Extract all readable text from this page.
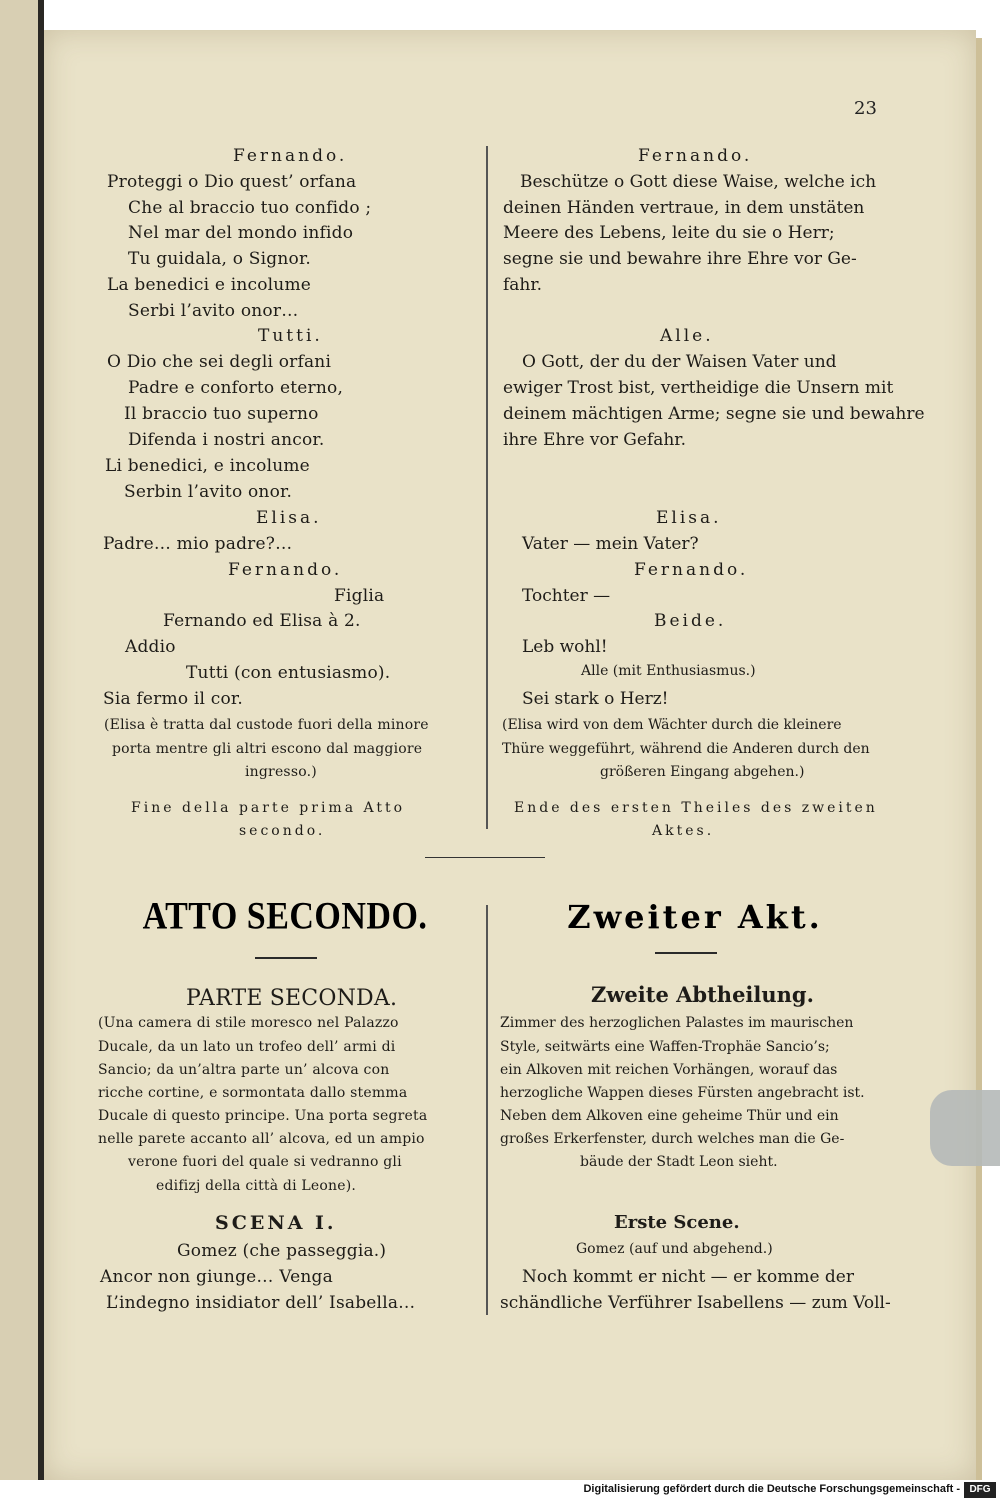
23
Fernando.
Proteggi o Dio quest’ orfana
Che al braccio tuo confido ;
Nel mar del mondo infido
Tu guidala, o Signor.
La benedici e incolume
Serbi l’avito onor…
Tutti.
O Dio che sei degli orfani
Padre e conforto eterno,
Il braccio tuo superno
Difenda i nostri ancor.
Li benedici, e incolume
Serbin l’avito onor.
Elisa.
Padre… mio padre?…
Fernando.
Figlia
Fernando ed Elisa à 2.
Addio
Tutti (con entusiasmo).
Sia fermo il cor.
(Elisa è tratta dal custode fuori della minore
porta mentre gli altri escono dal maggiore
ingresso.)
Fine della parte prima Atto
secondo.
Fernando.
Beschütze o Gott diese Waise, welche ich
deinen Händen vertraue, in dem unstäten
Meere des Lebens, leite du sie o Herr;
segne sie und bewahre ihre Ehre vor Ge-
fahr.
Alle.
O Gott, der du der Waisen Vater und
ewiger Trost bist, vertheidige die Unsern mit
deinem mächtigen Arme; segne sie und bewahre
ihre Ehre vor Gefahr.
Elisa.
Vater — mein Vater?
Fernando.
Tochter —
Beide.
Leb wohl!
Alle (mit Enthusiasmus.)
Sei stark o Herz!
(Elisa wird von dem Wächter durch die kleinere
Thüre weggeführt, während die Anderen durch den
größeren Eingang abgehen.)
Ende des ersten Theiles des zweiten
Aktes.
ATTO SECONDO.	Zweiter Akt.
PARTE SECONDA.
(Una camera di stile moresco nel Palazzo
Ducale, da un lato un trofeo dell’ armi di
Sancio; da un’altra parte un’ alcova con
ricche cortine, e sormontata dallo stemma
Ducale di questo principe. Una porta segreta
nelle parete accanto all’ alcova, ed un ampio
verone fuori del quale si vedranno gli
edifizj della città di Leone).
SCENA I.
Gomez (che passeggia.)
Ancor non giunge… Venga
L’indegno insidiator dell’ Isabella…
Zweite Abtheilung.
Zimmer des herzoglichen Palastes im maurischen
Style, seitwärts eine Waffen-Trophäe Sancio’s;
ein Alkoven mit reichen Vorhängen, worauf das
herzogliche Wappen dieses Fürsten angebracht ist.
Neben dem Alkoven eine geheime Thür und ein
großes Erkerfenster, durch welches man die Ge-
bäude der Stadt Leon sieht.
Erste Scene.
Gomez (auf und abgehend.)
Noch kommt er nicht — er komme der
schändliche Verführer Isabellens — zum Voll-
Digitalisierung gefördert durch die Deutsche Forschungsgemeinschaft - DFG
